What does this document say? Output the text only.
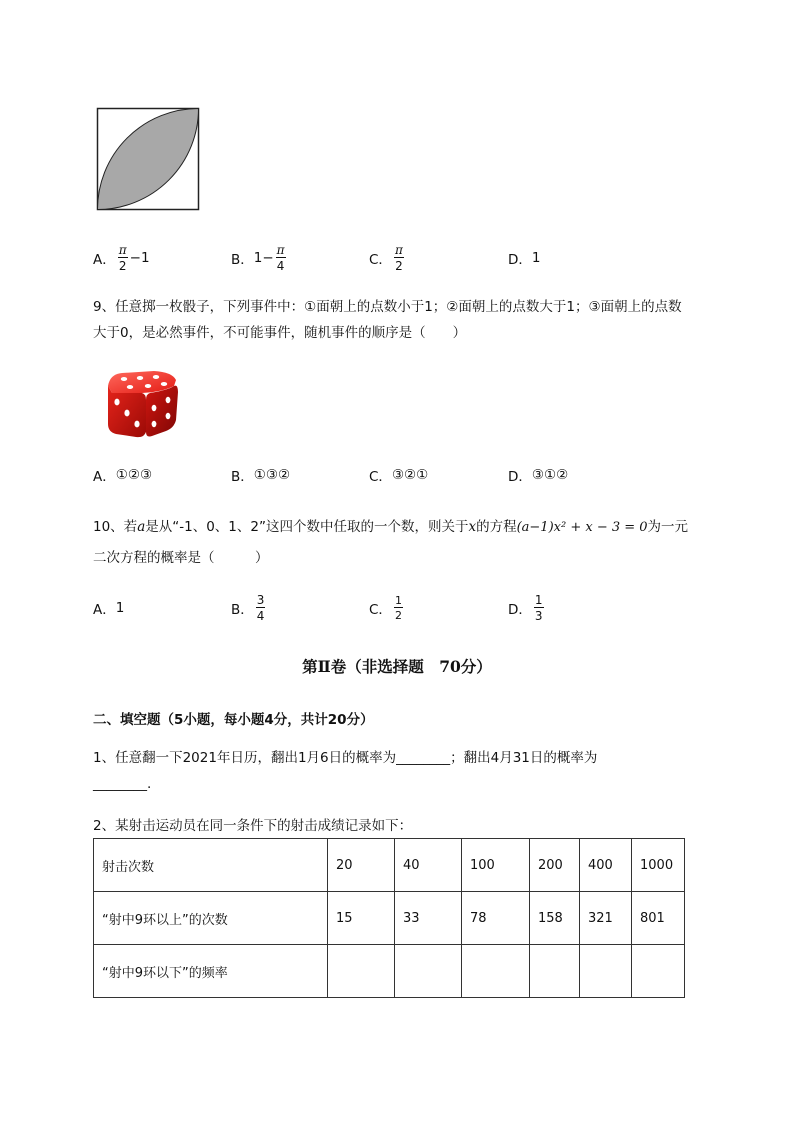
A． $\frac{\pi}{2} -1$	B． $1- \frac{\pi}{4}$	C． $\frac{\pi}{2}$	D． 1
9、任意掷一枚骰子，下列事件中：①面朝上的点数小于1；②面朝上的点数大于1；③面朝上的点数
大于0，是必然事件，不可能事件，随机事件的顺序是（　　）
A． ①②③	B． ①③②	C． ③②①	D． ③①②
10、若a是从“-1、0、1、2”这四个数中任取的一个数，则关于x的方程(a−1)x² + x − 3 = 0为一元
二次方程的概率是（　　　）
A． 1	B． $\frac{3}{4}$	C． $\frac{1}{2}$	D． $\frac{1}{3}$
第Ⅱ卷（非选择题　70分）
二、填空题（5小题，每小题4分，共计20分）
1、任意翻一下2021年日历，翻出1月6日的概率为________；翻出4月31日的概率为
________.
2、某射击运动员在同一条件下的射击成绩记录如下：
射击次数	20	40	100	200	400	1000
“射中9环以上”的次数	15	33	78	158	321	801
“射中9环以下”的频率						
